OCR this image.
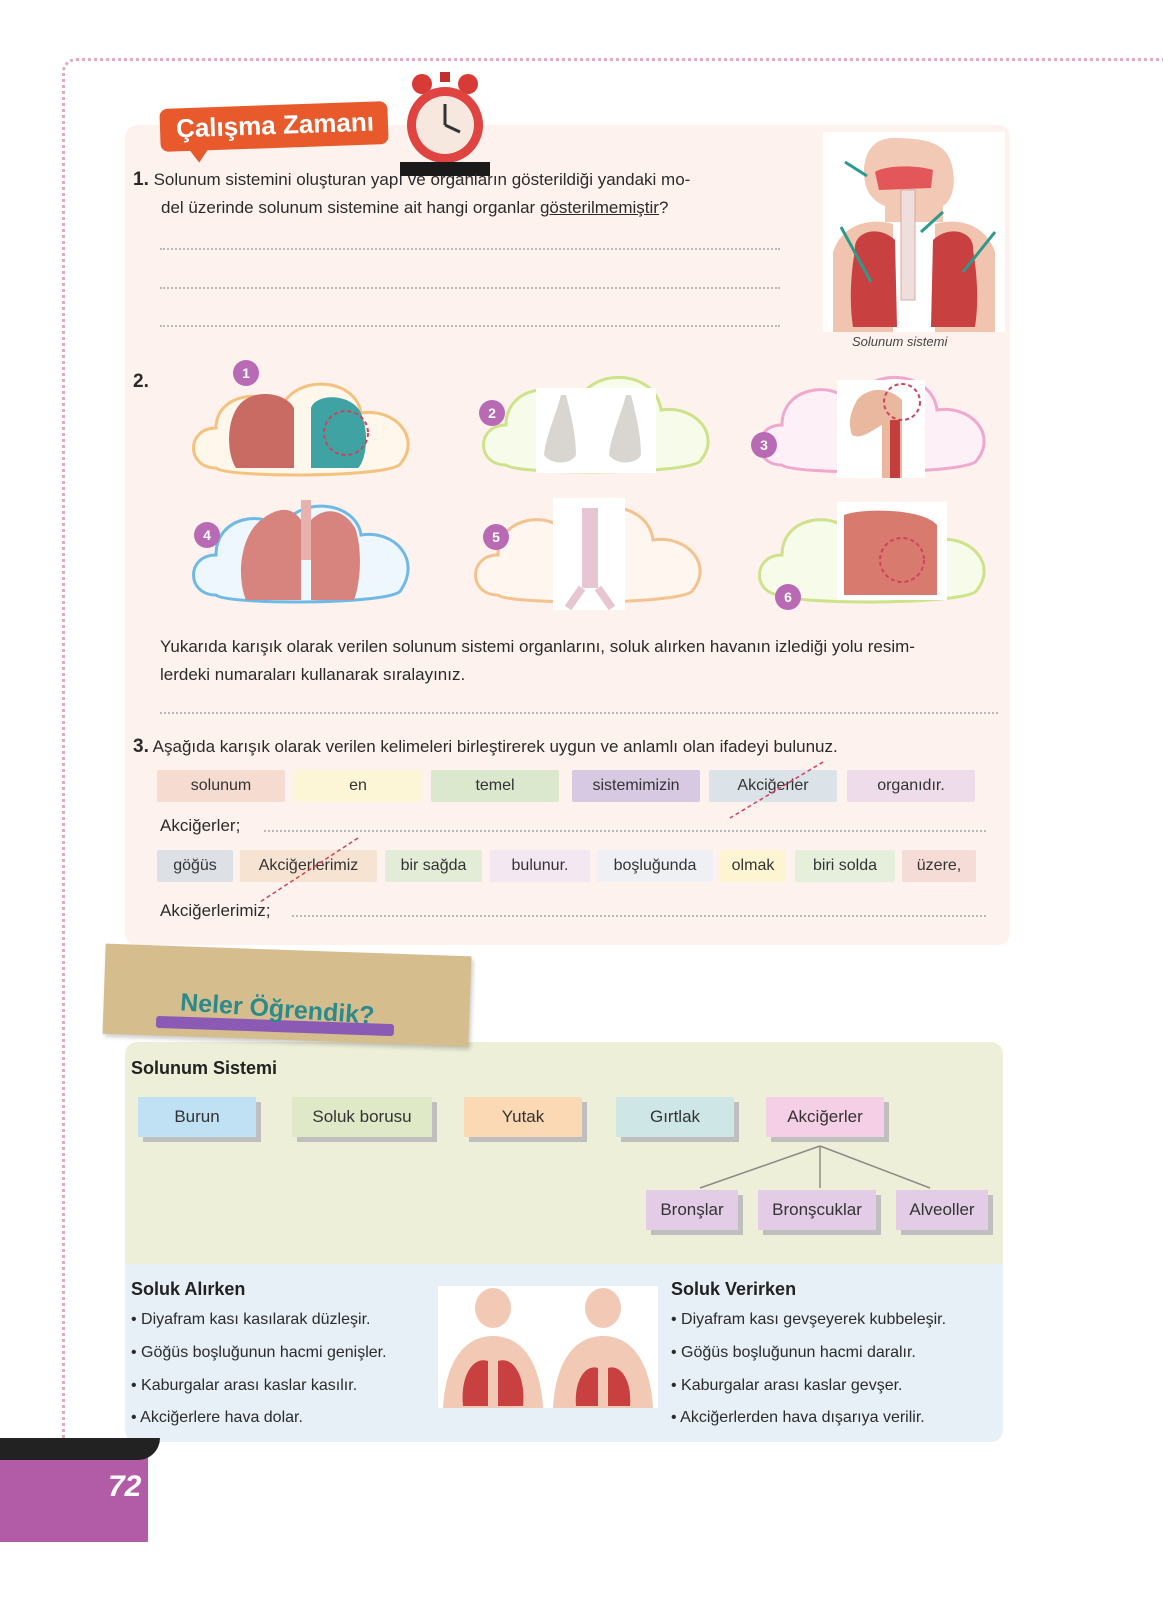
Çalışma Zamanı
1. Solunum sistemini oluşturan yapı ve organların gösterildiği yandaki mo-
del üzerinde solunum sistemine ait hangi organlar gösterilmemiştir?
Solunum sistemi
2.	1
2
3
4	5
6
Yukarıda karışık olarak verilen solunum sistemi organlarını, soluk alırken havanın izlediği yolu resim-
lerdeki numaraları kullanarak sıralayınız.
3. Aşağıda karışık olarak verilen kelimeleri birleştirerek uygun ve anlamlı olan ifadeyi bulunuz.
solunum	en	temel	sistemimizin	Akciğerler	organıdır.
Akciğerler;
göğüs	Akciğerlerimiz	bir sağda	bulunur.	boşluğunda	olmak	biri solda	üzere,
Akciğerlerimiz;
Neler Öğrendik?
Solunum Sistemi
Burun	Soluk borusu	Yutak	Gırtlak	Akciğerler
Bronşlar	Bronşcuklar	Alveoller
Soluk Alırken
• Diyafram kası kasılarak düzleşir.
• Göğüs boşluğunun hacmi genişler.
• Kaburgalar arası kaslar kasılır.
• Akciğerlere hava dolar.
Soluk Verirken
• Diyafram kası gevşeyerek kubbeleşir.
• Göğüs boşluğunun hacmi daralır.
• Kaburgalar arası kaslar gevşer.
• Akciğerlerden hava dışarıya verilir.
72
